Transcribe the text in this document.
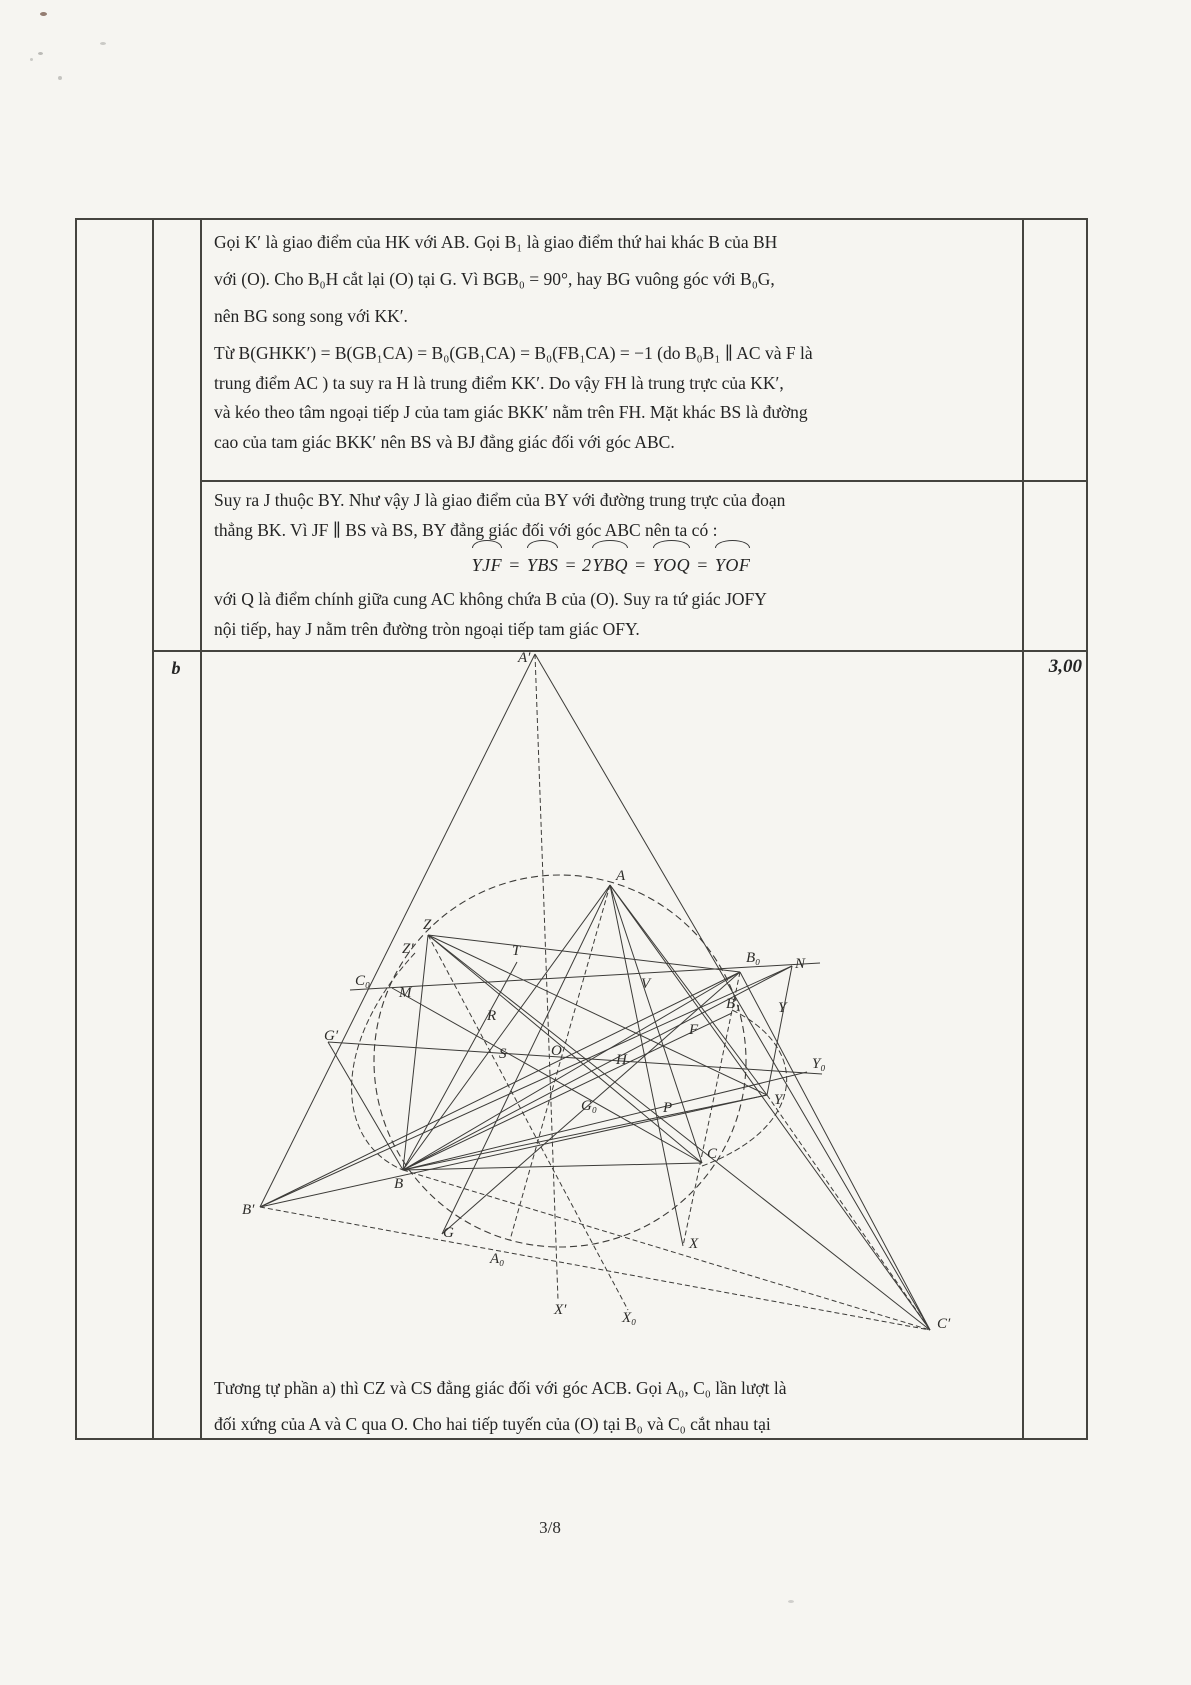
Gọi K′ là giao điểm của HK với AB. Gọi B₁ là giao điểm thứ hai khác B của BH
với (O). Cho B₀H cắt lại (O) tại G. Vì BGB₀ = 90°, hay BG vuông góc với B₀G,
nên BG song song với KK′.
Từ B(GHKK′) = B(GB₁CA) = B₀(GB₁CA) = B₀(FB₁CA) = −1 (do B₀B₁ ∥ AC và F là
trung điểm AC ) ta suy ra H là trung điểm KK′. Do vậy FH là trung trực của KK′,
và kéo theo tâm ngoại tiếp J của tam giác BKK′ nằm trên FH. Mặt khác BS là đường
cao của tam giác BKK′ nên BS và BJ đẳng giác đối với góc ABC.
Suy ra J thuộc BY. Như vậy J là giao điểm của BY với đường trung trực của đoạn
thẳng BK. Vì JF ∥ BS và BS, BY đẳng giác đối với góc ABC nên ta có :
YJF = YBS = 2YBQ = YOQ = YOF
với Q là điểm chính giữa cung AC không chứa B của (O). Suy ra tứ giác JOFY
nội tiếp, hay J nằm trên đường tròn ngoại tiếp tam giác OFY.
b	3,00
A′
A
Z
Z′
C₀
M
T	B₀ N
V
B₁	Y
R
F
G′
S	O
H	Y₀
G₀	P	Y
B
C
B′
G
X
A₀
X′	X₀	C′
Tương tự phần a) thì CZ và CS đẳng giác đối với góc ACB. Gọi A₀, C₀ lần lượt là
đối xứng của A và C qua O. Cho hai tiếp tuyến của (O) tại B₀ và C₀ cắt nhau tại
3/8
